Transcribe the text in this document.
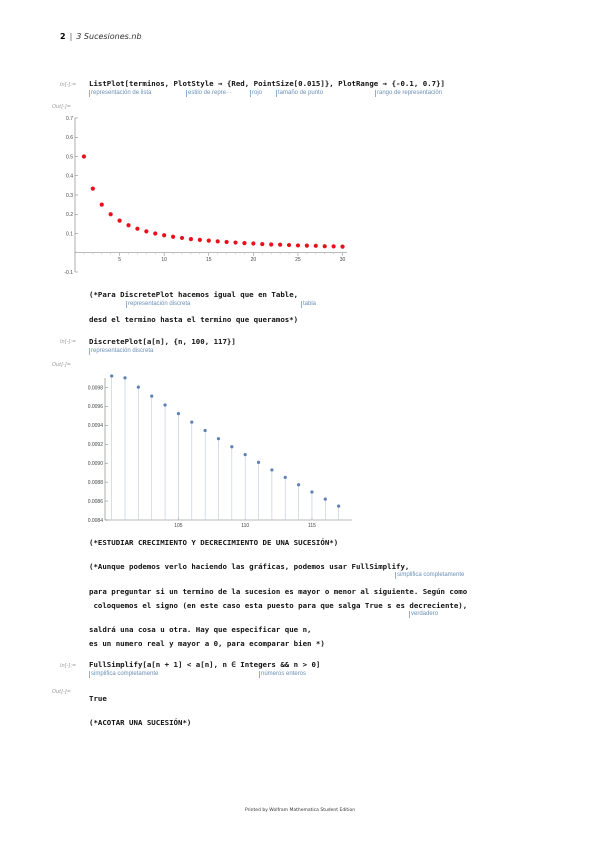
2 | 3 Sucesiones.nb
In[-]:= ListPlot[terminos, PlotStyle → {Red, PointSize[0.015]}, PlotRange → {-0.1, 0.7}]
representación de lista	estilo de repre···	rojo	tamaño de punto	rango de representación
Out[-]=
5	10	15	20	25	30
-0.1
0.1
0.2
0.3
0.4
0.5
0.6
0.7
(*Para DiscretePlot hacemos igual que en Table,
representación discreta	tabla
desd el termino hasta el termino que queramos*)
In[-]:= DiscretePlot[a[n], {n, 100, 117}]
representación discreta
Out[-]=
105	110	115
0.0084
0.0086
0.0088
0.0090
0.0092
0.0094
0.0096
0.0098
(*ESTUDIAR CRECIMIENTO Y DECRECIMIENTO DE UNA SUCESIÓN*)
(*Aunque podemos verlo haciendo las gráficas, podemos usar FullSimplify,
simplifica completamente
para preguntar si un termino de la sucesion es mayor o menor al siguiente. Según como
coloquemos el signo (en este caso esta puesto para que salga True s es decreciente),
verdadero
saldrá una cosa u otra. Hay que especificar que n,
es un numero real y mayor a 0, para ecomparar bien *)
In[-]:= FullSimplify[a[n + 1] < a[n], n ∈ Integers && n > 0]
simplifica completamente	números enteros
Out[-]=
True
(*ACOTAR UNA SUCESIÓN*)
Printed by Wolfram Mathematica Student Edition
